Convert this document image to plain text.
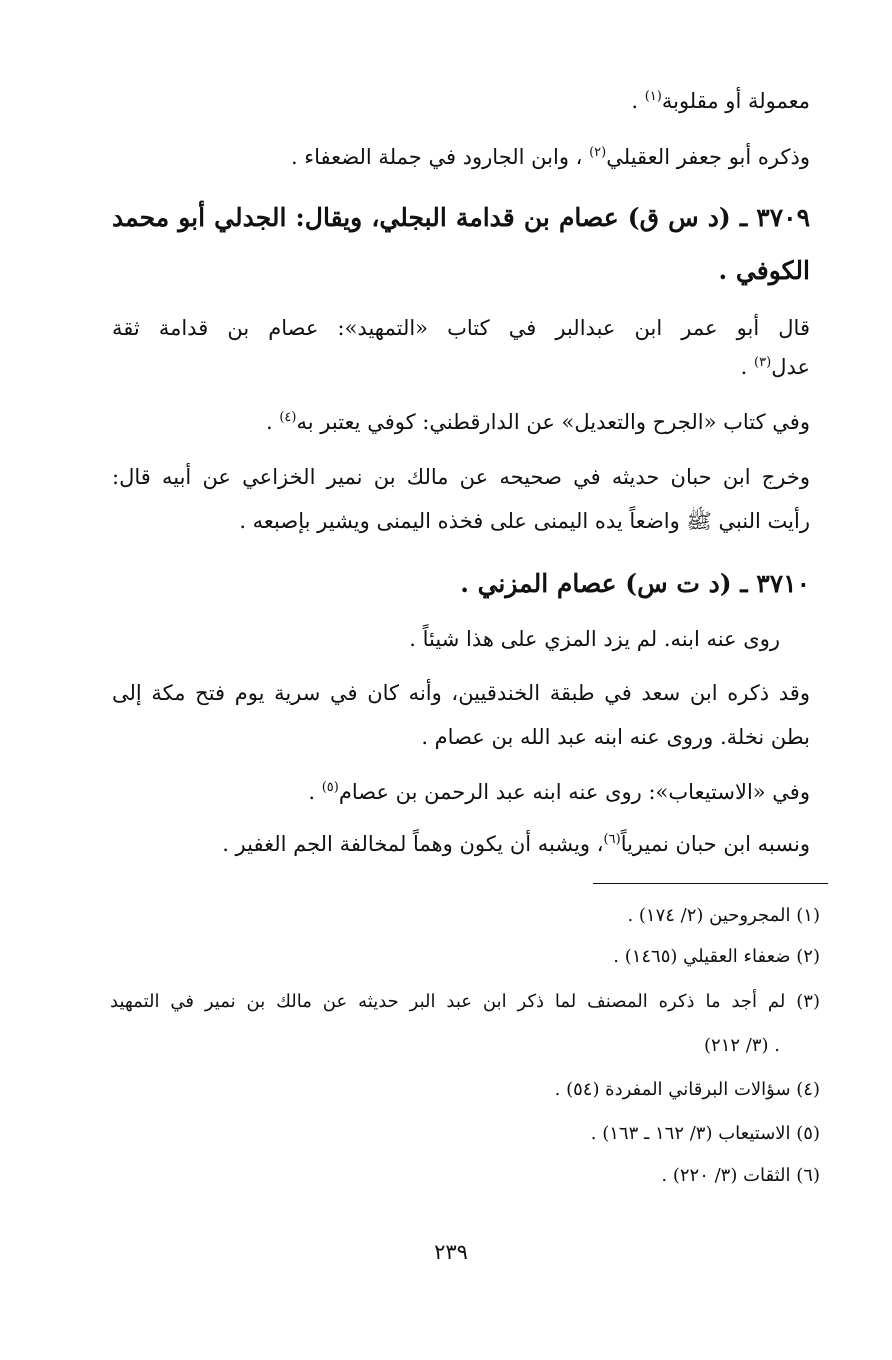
معمولة أو مقلوبة$^{(١)}$ .
وذكره أبو جعفر العقيلي$^{(٢)}$ ، وابن الجارود في جملة الضعفاء .
٣٧٠٩ ـ (د س ق) عصام بن قدامة البجلي، ويقال: الجدلي أبو محمد
الكوفي .
قال أبو عمر ابن عبدالبر في كتاب «التمهيد»: عصام بن قدامة ثقة
عدل$^{(٣)}$ .
وفي كتاب «الجرح والتعديل» عن الدارقطني: كوفي يعتبر به$^{(٤)}$ .
وخرج ابن حبان حديثه في صحيحه عن مالك بن نمير الخزاعي عن أبيه قال:
رأيت النبي ﷺ واضعاً يده اليمنى على فخذه اليمنى ويشير بإصبعه .
٣٧١٠ ـ (د ت س) عصام المزني .
روى عنه ابنه. لم يزد المزي على هذا شيئاً .
وقد ذكره ابن سعد في طبقة الخندقيين، وأنه كان في سرية يوم فتح مكة إلى
بطن نخلة. وروى عنه ابنه عبد الله بن عصام .
وفي «الاستيعاب»: روى عنه ابنه عبد الرحمن بن عصام$^{(٥)}$ .
ونسبه ابن حبان نميرياً$^{(٦)}$، ويشبه أن يكون وهماً لمخالفة الجم الغفير .
(١) المجروحين (٢/ ١٧٤) .
(٢) ضعفاء العقيلي (١٤٦٥) .
(٣) لم أجد ما ذكره المصنف لما ذكر ابن عبد البر حديثه عن مالك بن نمير في التمهيد
(٣/ ٢١٢) .
(٤) سؤالات البرقاني المفردة (٥٤) .
(٥) الاستيعاب (٣/ ١٦٢ ـ ١٦٣) .
(٦) الثقات (٣/ ٢٢٠) .
٢٣٩
